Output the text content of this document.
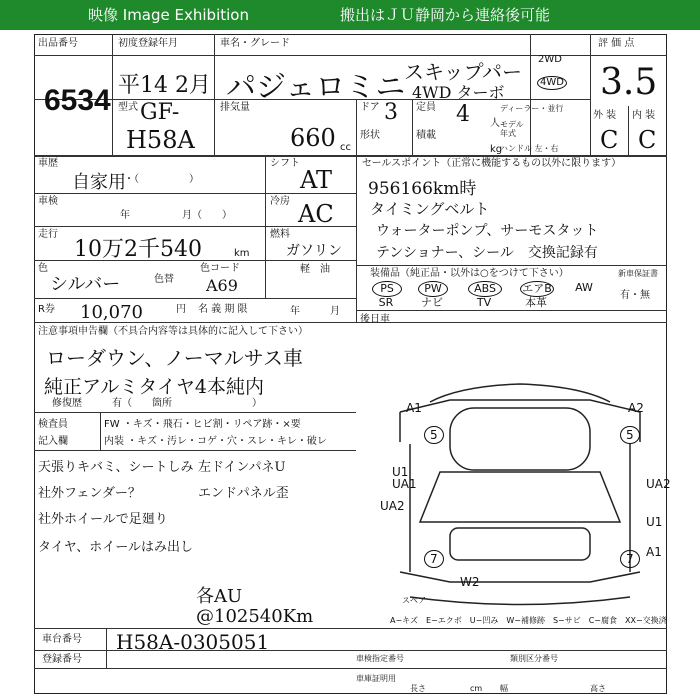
映像 Image Exhibition	搬出はＪＵ静岡から連絡後可能
出品番号
6534
初度登録年月
平14 2月
車名・グレード
パジェロミニ
スキップパー
4WD ターボ
2WD
4WD
評 価 点
3.5
型式 GF-
H58A
排気量
660 cc
ドア 3
形状
定員 4 人
積載
kg
ディーラー・並行
モデル年式
ハンドル 左・右
外 装 内 装
C C
車歴
自家用
・（　　　　　）
シフト
AT
車検
年	月（　　）
冷房 AC
走行
10万2千540	km
燃料
ガソリン
軽　油
色
シルバー	色替
色コード
A69
R券 10,070	円 名 義 期 限	年	月
セールスポイント（正常に機能するもの以外に限ります）
956166km時
タイミングベルト
ウォーターポンプ、サーモスタット
テンショナー、シール　交換記録有
装備品（純正品・以外は○をつけて下さい）	新車保証書
有・無
PS	PW	ABS	エアB	AW
SR	ナビ	TV	本革
注意事項申告欄（不具合内容等は具体的に記入して下さい）
ローダウン、ノーマルサス車
純正アルミタイヤ4本純内
修復歴	有（　　箇所　　　　　　　　）
検査員	FW ・キズ・飛石・ヒビ割・リペア跡・×要
記入欄	内装 ・キズ・汚レ・コゲ・穴・スレ・キレ・破レ
天張りキバミ、シートしみ 左ドインパネU
社外フェンダー？	エンドパネル歪
社外ホイールで足廻り
タイヤ、ホイールはみ出し
各AU
@102540Km
後日車
A1	A2
5	5
U1
UA1
UA2
UA2
U1
A1
7	7
W2
スペア
A−キズ　E−エクボ　U−凹み　W−補修跡　S−サビ　C−腐食　XX−交換済
車台番号 H58A-0305051
登録番号	車検指定番号	類別区分番号
車庫証明用
長さ	幅	高さ
cm
